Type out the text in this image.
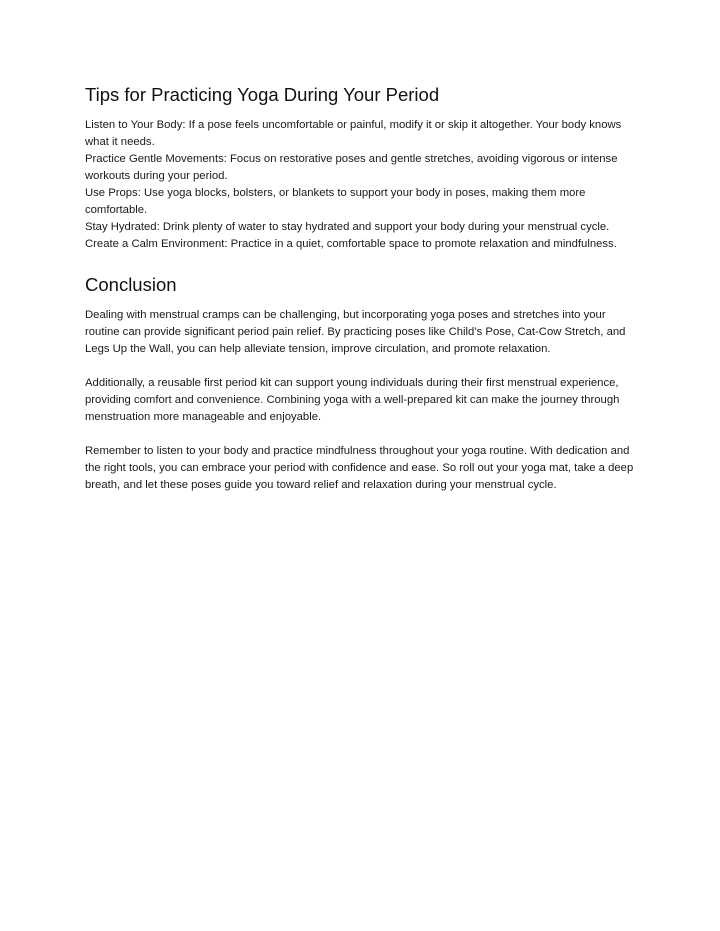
Tips for Practicing Yoga During Your Period
Listen to Your Body: If a pose feels uncomfortable or painful, modify it or skip it altogether. Your body knows what it needs.
Practice Gentle Movements: Focus on restorative poses and gentle stretches, avoiding vigorous or intense workouts during your period.
Use Props: Use yoga blocks, bolsters, or blankets to support your body in poses, making them more comfortable.
Stay Hydrated: Drink plenty of water to stay hydrated and support your body during your menstrual cycle.
Create a Calm Environment: Practice in a quiet, comfortable space to promote relaxation and mindfulness.
Conclusion

Dealing with menstrual cramps can be challenging, but incorporating yoga poses and stretches into your routine can provide significant period pain relief. By practicing poses like Child’s Pose, Cat-Cow Stretch, and Legs Up the Wall, you can help alleviate tension, improve circulation, and promote relaxation.

Additionally, a reusable first period kit can support young individuals during their first menstrual experience, providing comfort and convenience. Combining yoga with a well-prepared kit can make the journey through menstruation more manageable and enjoyable.

Remember to listen to your body and practice mindfulness throughout your yoga routine. With dedication and the right tools, you can embrace your period with confidence and ease. So roll out your yoga mat, take a deep breath, and let these poses guide you toward relief and relaxation during your menstrual cycle.
